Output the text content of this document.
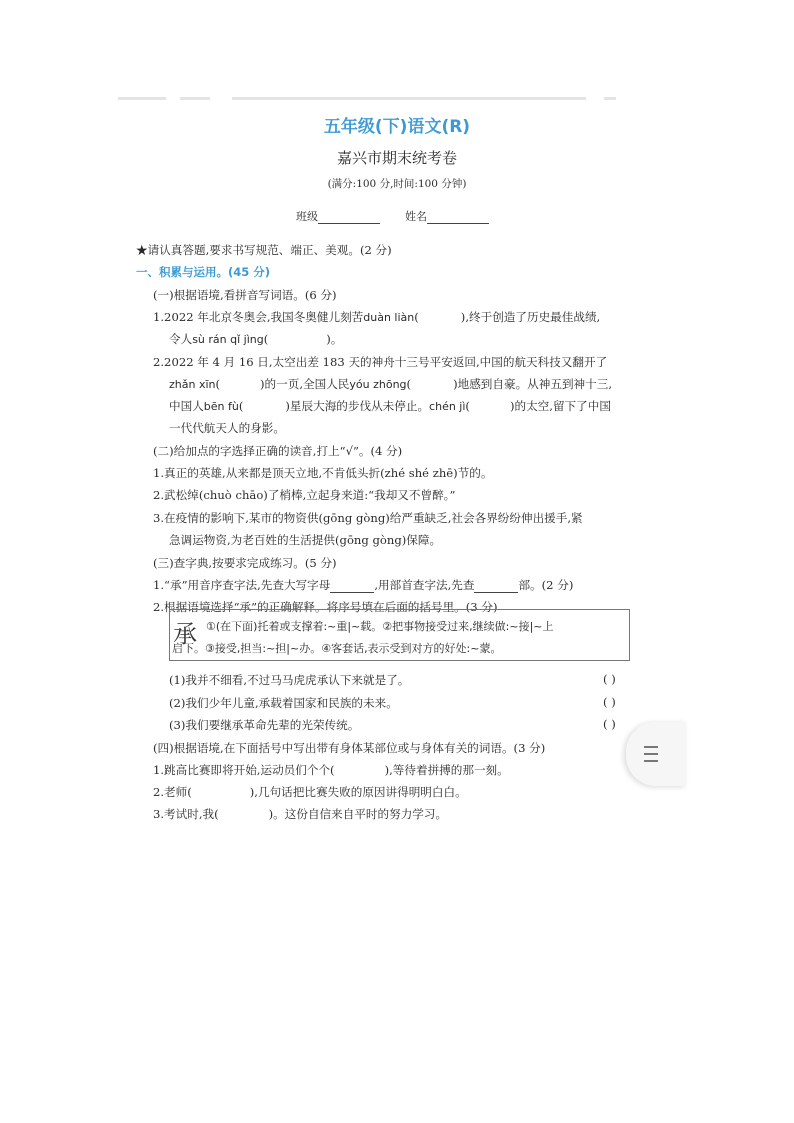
五年级(下)语文(R)
嘉兴市期末统考卷
(满分:100 分,时间:100 分钟)
班级	姓名
★请认真答题,要求书写规范、端正、美观。(2 分)
一、积累与运用。(45 分)
(一)根据语境,看拼音写词语。(6 分)
1.2022 年北京冬奥会,我国冬奥健儿刻苦duàn liàn(	),终于创造了历史最佳战绩,
令人sù rán qǐ jìng(	)。
2.2022 年 4 月 16 日,太空出差 183 天的神舟十三号平安返回,中国的航天科技又翻开了
zhǎn xīn(	)的一页,全国人民yóu zhōng(	)地感到自豪。从神五到神十三,
中国人bēn fù(	)星辰大海的步伐从未停止。chén jì(	)的太空,留下了中国
一代代航天人的身影。
(二)给加点的字选择正确的读音,打上“√”。(4 分)
1.真正的英雄,从来都是顶天立地,不肯低头折(zhé shé zhē)节的。
2.武松绰(chuò chāo)了梢棒,立起身来道:“我却又不曾醉。”
3.在疫情的影响下,某市的物资供(gōng gòng)给严重缺乏,社会各界纷纷伸出援手,紧
急调运物资,为老百姓的生活提供(gōng gòng)保障。
(三)查字典,按要求完成练习。(5 分)
1.“承”用音序查字法,先查大写字母	,用部首查字法,先查	部。(2 分)
2.根据语境选择“承”的正确解释。将序号填在后面的括号里。(3 分)
承 ①(在下面)托着或支撑着:~重|~载。②把事物接受过来,继续做:~接|~上
启下。③接受,担当:~担|~办。④客套话,表示受到对方的好处:~蒙。
(1)我并不细看,不过马马虎虎承认下来就是了。	( )
(2)我们少年儿童,承载着国家和民族的未来。	( )
(3)我们要继承革命先辈的光荣传统。	( )
(四)根据语境,在下面括号中写出带有身体某部位或与身体有关的词语。(3 分)
1.跳高比赛即将开始,运动员们个个(	),等待着拼搏的那一刻。
2.老师(	),几句话把比赛失败的原因讲得明明白白。
3.考试时,我(	)。这份自信来自平时的努力学习。
